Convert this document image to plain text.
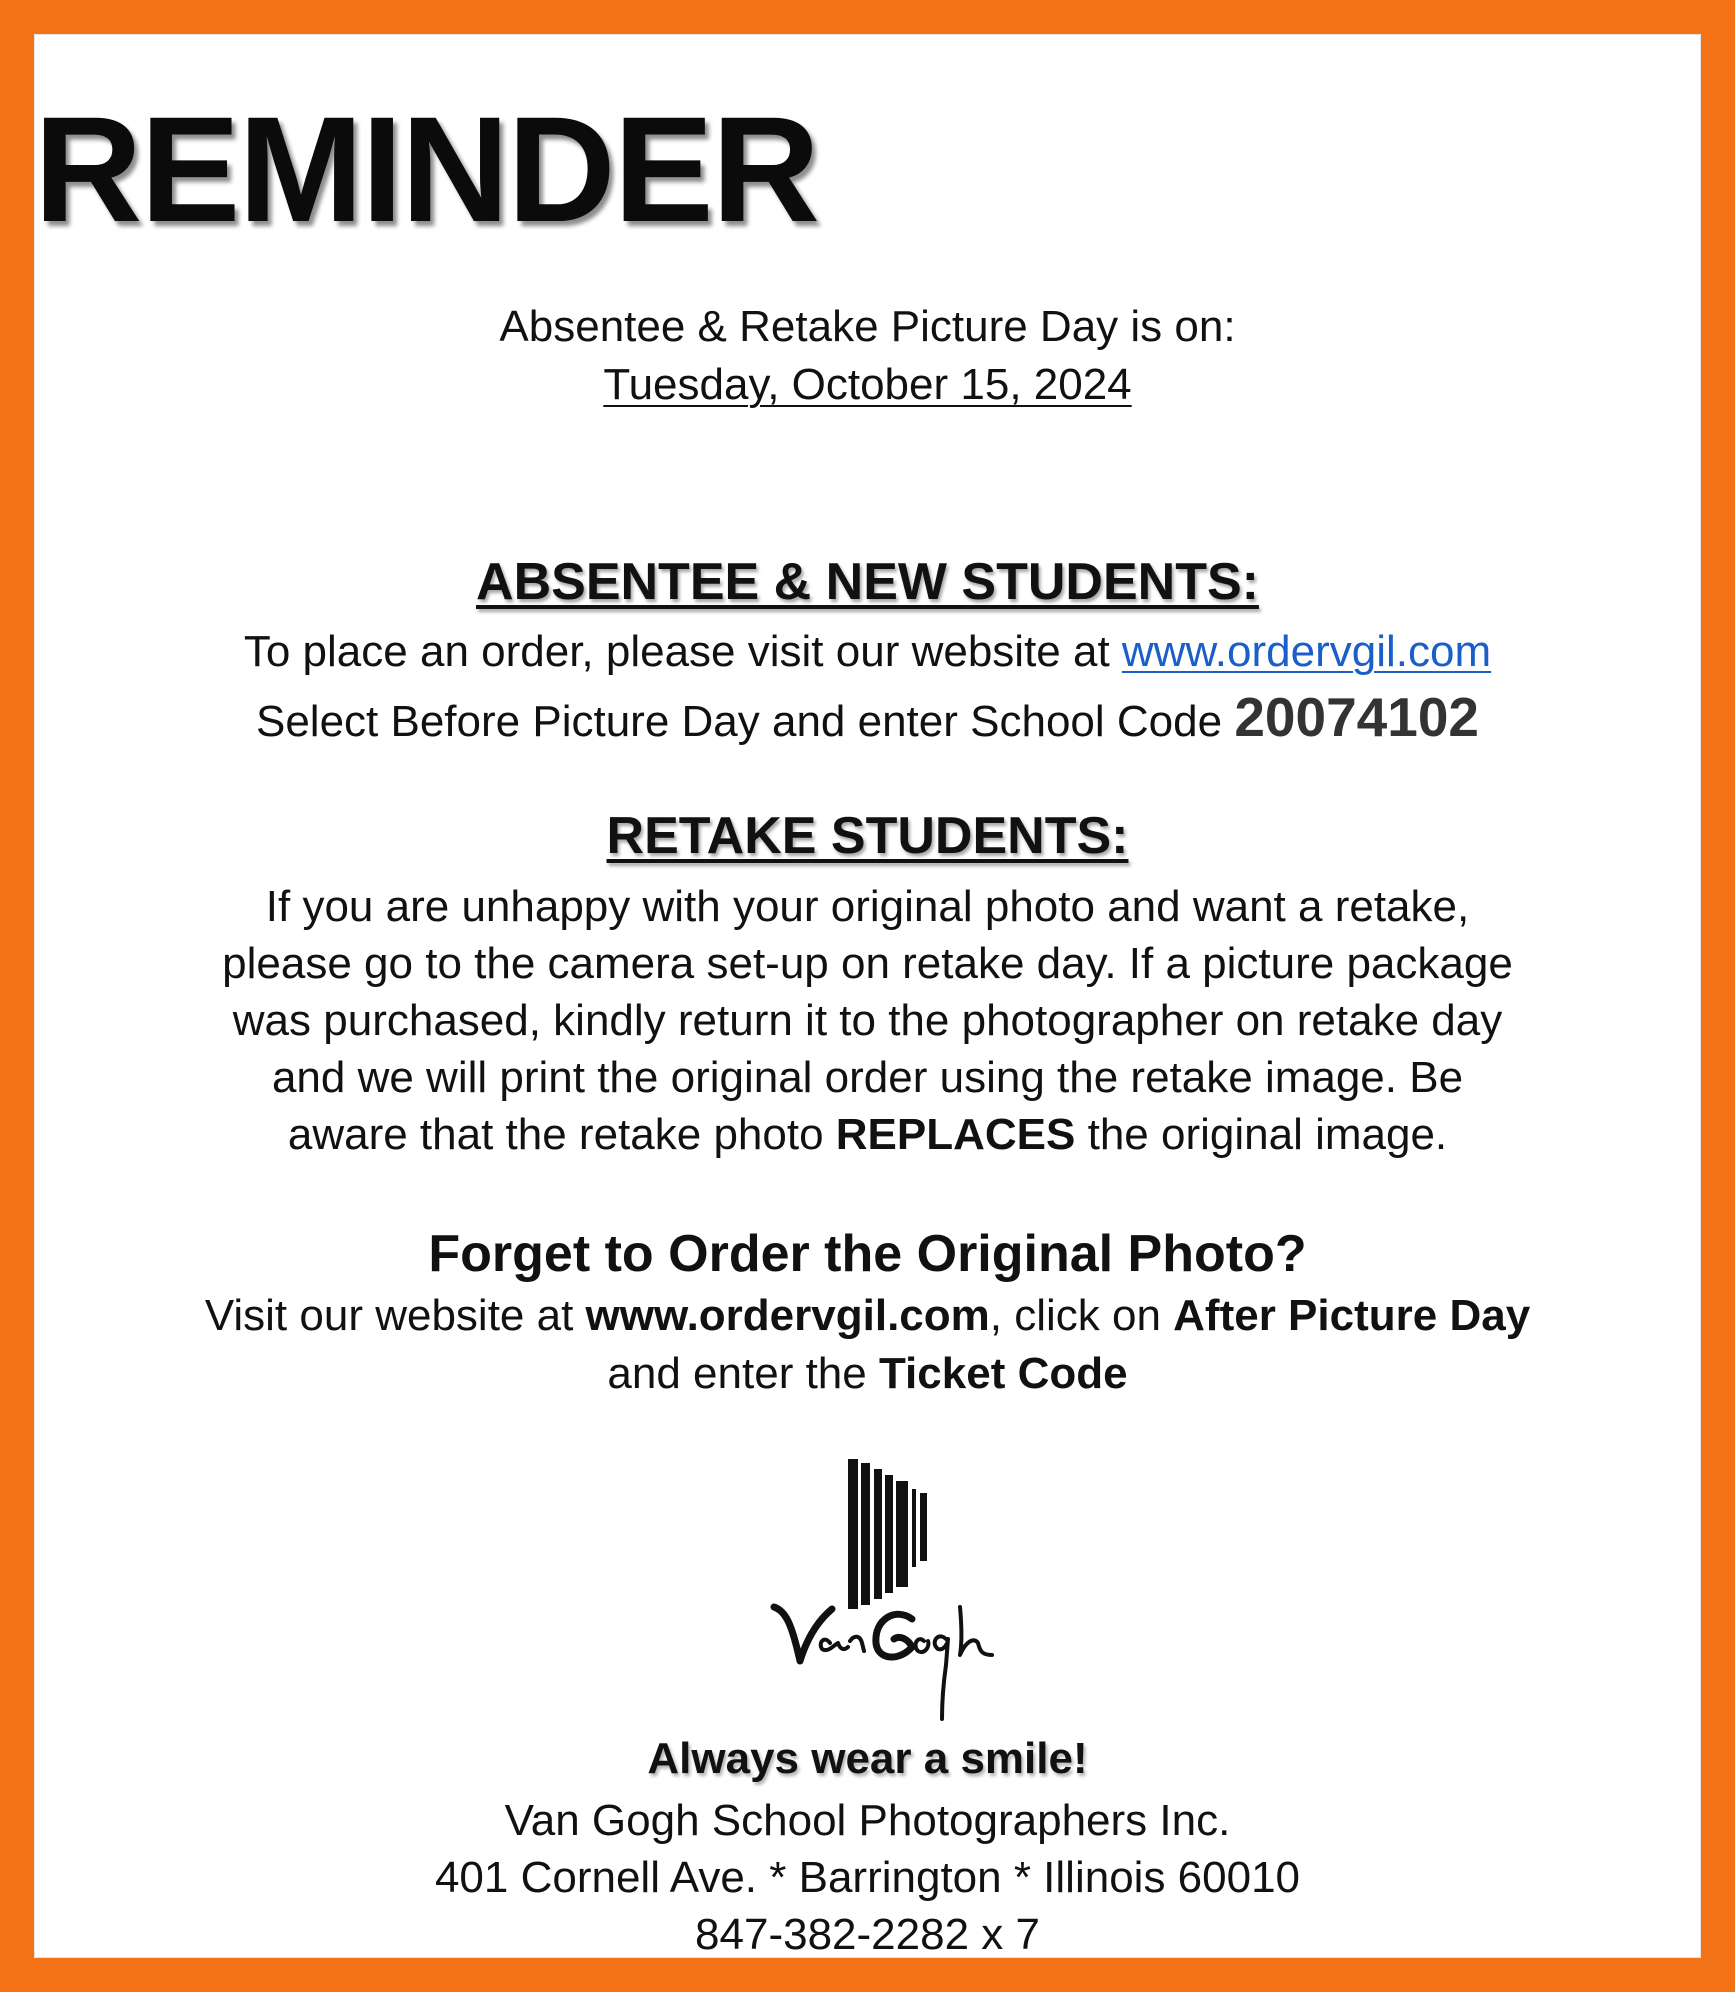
REMINDER
Absentee & Retake Picture Day is on:
Tuesday, October 15, 2024
ABSENTEE & NEW STUDENTS:
To place an order, please visit our website at www.ordervgil.com
Select Before Picture Day and enter School Code 20074102
RETAKE STUDENTS:
If you are unhappy with your original photo and want a retake,
please go to the camera set-up on retake day. If a picture package
was purchased, kindly return it to the photographer on retake day
and we will print the original order using the retake image. Be
aware that the retake photo REPLACES the original image.
Forget to Order the Original Photo?
Visit our website at www.ordervgil.com, click on After Picture Day
and enter the Ticket Code
Always wear a smile!
Van Gogh School Photographers Inc.
401 Cornell Ave. * Barrington * Illinois 60010
847-382-2282 x 7
